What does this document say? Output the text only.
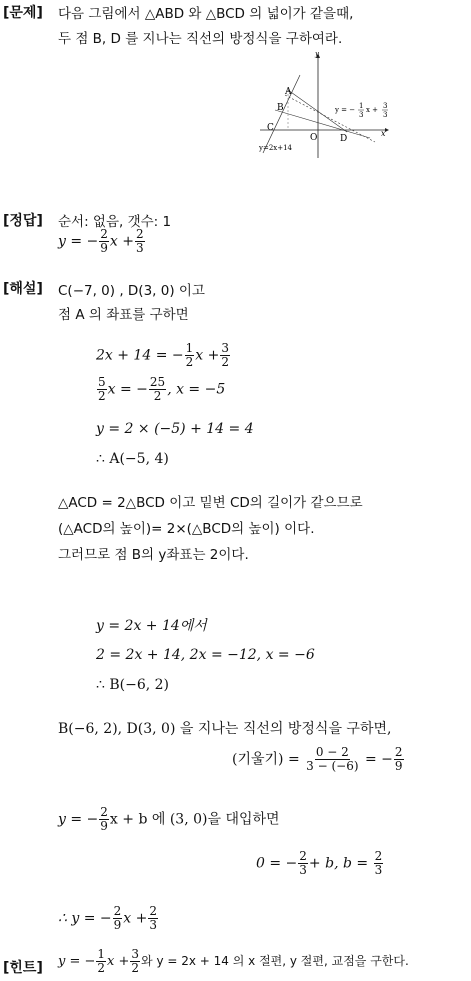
[문제] 다음 그림에서 △ABD 와 △BCD 의 넓이가 같을때,
두 점 B, D 를 지나는 직선의 방정식을 구하여라.
A
B
C
O	D
x
y
y = − 1
3
x + 3
3
y=2x+14
[정답] 순서: 없음, 갯수: 1
y = − $\frac{2}{9}$ $x + \frac{2}{3}$
[해설] C(−7, 0) , D(3, 0) 이고
점 A 의 좌표를 구하면
2x + 14 = − $\frac{1}{2}$ $x + \frac{3}{2}$
$\frac{5}{2}$ x = − $\frac{25}{2}$ , x = −5
y = 2 × (−5) + 14 = 4
∴ A(−5, 4)
△ACD = 2△BCD 이고 밑변 CD의 길이가 같으므로
(△ACD의 높이)= 2×(△BCD의 높이) 이다.
그러므로 점 B의 y좌표는 2이다.
y = 2x + 14에서
2 = 2x + 14, 2x = −12, x = −6
∴ B(−6, 2)
B(−6, 2), D(3, 0) 을 지나는 직선의 방정식을 구하면,
(기울기) = $\frac{0 - 2}{3 - (-6)}$ = − $\frac{2}{9}$
y = − $\frac{2}{9}$ x + b 에 (3, 0)을 대입하면
0 = − $\frac{2}{3} + b$, $b = \frac{2}{3}$
∴ y = − $\frac{2}{9}$ $x + \frac{2}{3}$
[힌트] y = − $\frac{1}{2}$ $x + \frac{3}{2}$ 와 y = 2x + 14 의 x 절편, y 절편, 교점을 구한다.
